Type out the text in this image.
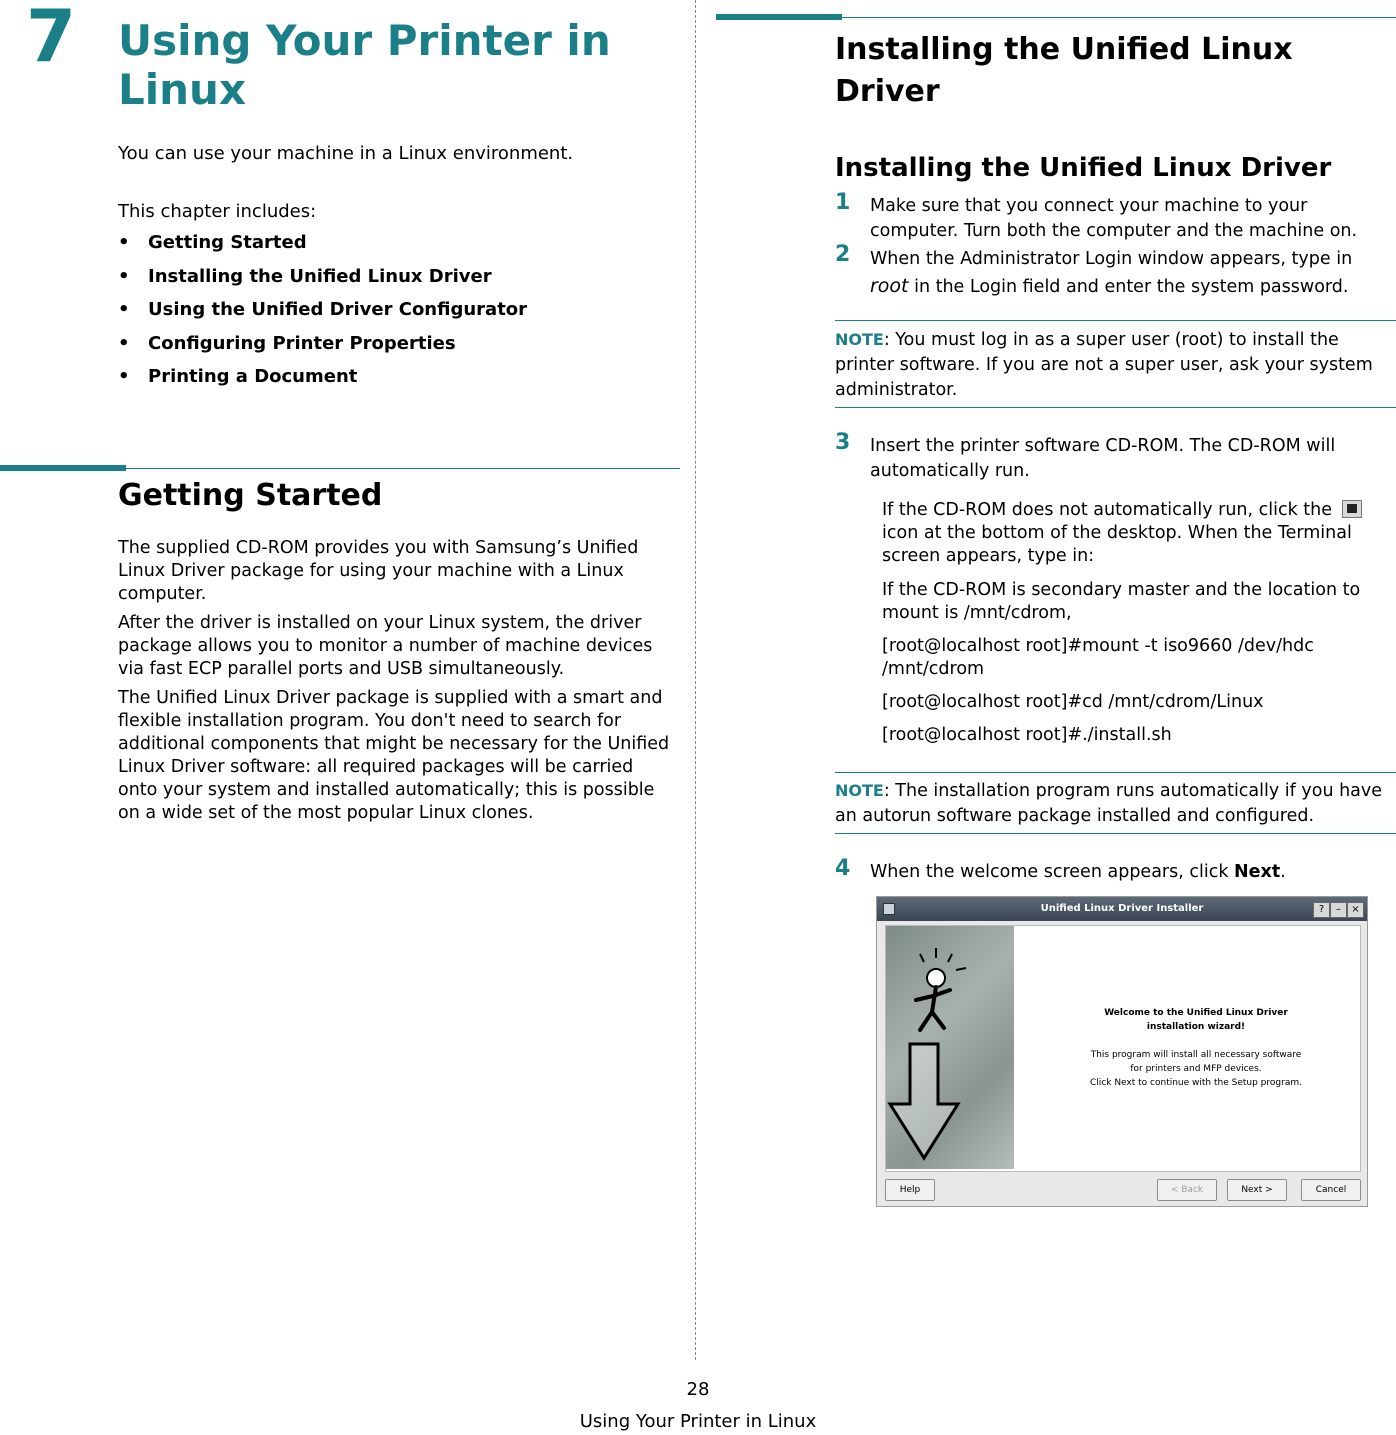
7 Using Your Printer in Linux
You can use your machine in a Linux environment.
This chapter includes:
• Getting Started
• Installing the Unified Linux Driver
• Using the Unified Driver Configurator
• Configuring Printer Properties
• Printing a Document
Getting Started
The supplied CD-ROM provides you with Samsung’s Unified Linux Driver package for using your machine with a Linux computer.
After the driver is installed on your Linux system, the driver package allows you to monitor a number of machine devices via fast ECP parallel ports and USB simultaneously.
The Unified Linux Driver package is supplied with a smart and flexible installation program. You don't need to search for additional components that might be necessary for the Unified Linux Driver software: all required packages will be carried onto your system and installed automatically; this is possible on a wide set of the most popular Linux clones.
Installing the Unified Linux Driver
Installing the Unified Linux Driver
1 Make sure that you connect your machine to your computer. Turn both the computer and the machine on.
2 When the Administrator Login window appears, type in root in the Login field and enter the system password.
NOTE: You must log in as a super user (root) to install the printer software. If you are not a super user, ask your system administrator.
3 Insert the printer software CD-ROM. The CD-ROM will automatically run.
If the CD-ROM does not automatically run, click the

icon at the bottom of the desktop. When the Terminal screen appears, type in:
If the CD-ROM is secondary master and the location to mount is /mnt/cdrom,
[root@localhost root]#mount -t iso9660 /dev/hdc /mnt/cdrom
[root@localhost root]#cd /mnt/cdrom/Linux
[root@localhost root]#./install.sh
NOTE: The installation program runs automatically if you have an autorun software package installed and configured.
4 When the welcome screen appears, click Next.
Unified Linux Driver Installer	?	–	×
Welcome to the Unified Linux Driver
installation wizard!
This program will install all necessary software
for printers and MFP devices.
Click Next to continue with the Setup program.
Help	< Back	Next >	Cancel
28
Using Your Printer in Linux
